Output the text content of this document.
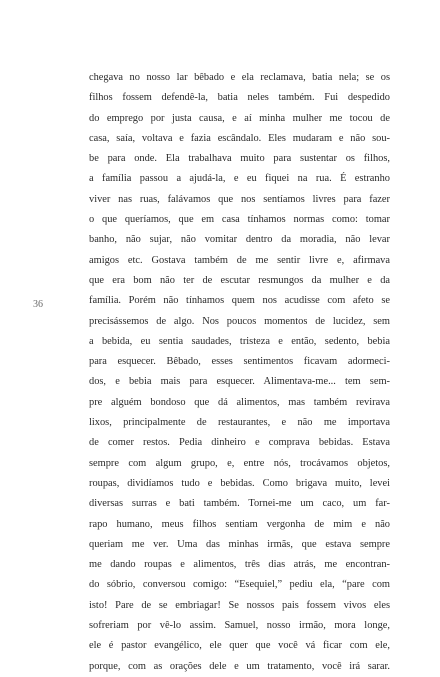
36
chegava no nosso lar bêbado e ela reclamava, batia nela; se os
filhos fossem defendê-la, batia neles também. Fui despedido
do emprego por justa causa, e aí minha mulher me tocou de
casa, saía, voltava e fazia escândalo. Eles mudaram e não sou-
be para onde. Ela trabalhava muito para sustentar os filhos,
a família passou a ajudá-la, e eu fiquei na rua. É estranho
viver nas ruas, falávamos que nos sentíamos livres para fazer
o que queríamos, que em casa tínhamos normas como: tomar
banho, não sujar, não vomitar dentro da moradia, não levar
amigos etc. Gostava também de me sentir livre e, afirmava
que era bom não ter de escutar resmungos da mulher e da
família. Porém não tínhamos quem nos acudisse com afeto se
precisássemos de algo. Nos poucos momentos de lucidez, sem
a bebida, eu sentia saudades, tristeza e então, sedento, bebia
para esquecer. Bêbado, esses sentimentos ficavam adormeci-
dos, e bebia mais para esquecer. Alimentava-me... tem sem-
pre alguém bondoso que dá alimentos, mas também revirava
lixos, principalmente de restaurantes, e não me importava
de comer restos. Pedia dinheiro e comprava bebidas. Estava
sempre com algum grupo, e, entre nós, trocávamos objetos,
roupas, dividíamos tudo e bebidas. Como brigava muito, levei
diversas surras e bati também. Tornei-me um caco, um far-
rapo humano, meus filhos sentiam vergonha de mim e não
queriam me ver. Uma das minhas irmãs, que estava sempre
me dando roupas e alimentos, três dias atrás, me encontran-
do sóbrio, conversou comigo: “Esequiel,” pediu ela, “pare com
isto! Pare de se embriagar! Se nossos pais fossem vivos eles
sofreriam por vê-lo assim. Samuel, nosso irmão, mora longe,
ele é pastor evangélico, ele quer que você vá ficar com ele,
porque, com as orações dele e um tratamento, você irá sarar.
